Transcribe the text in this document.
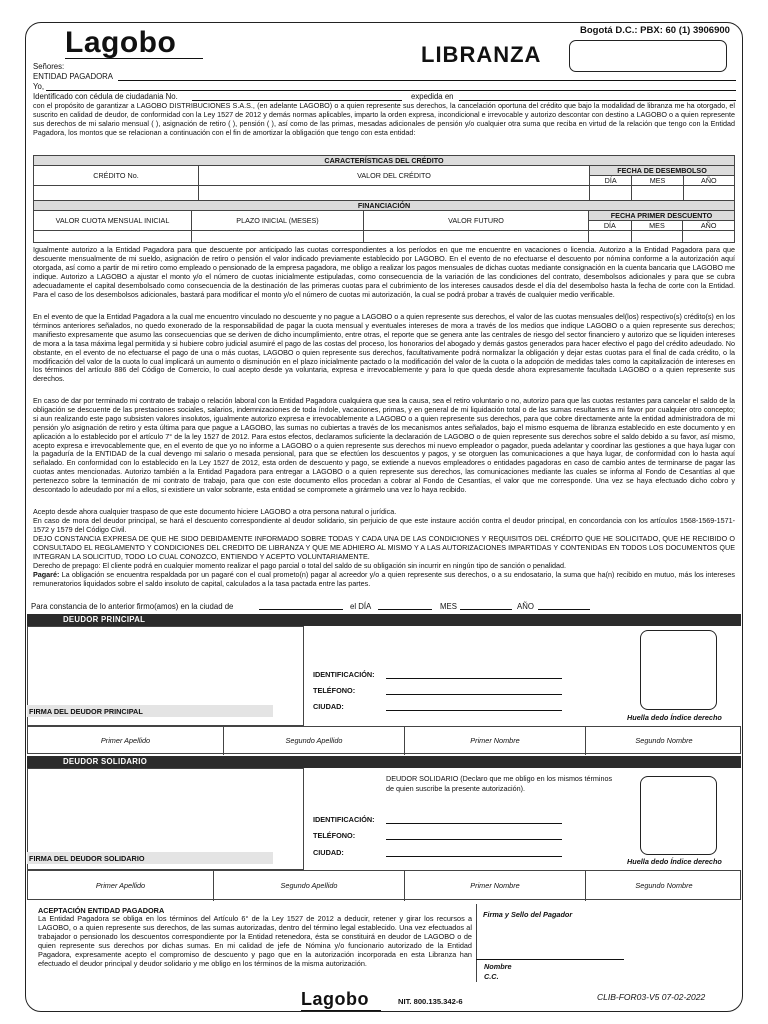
Lagobo	Bogotá D.C.: PBX: 60 (1) 3906900
LIBRANZA
Señores:
ENTIDAD PAGADORA
Yo,
Identificado con cédula de ciudadania No.	expedida en

con el propósito de garantizar a LAGOBO DISTRIBUCIONES S.A.S., (en adelante LAGOBO) o a quien represente sus derechos, la cancelación oportuna del crédito que bajo la modalidad de libranza me ha otorgado, el suscrito en calidad de deudor, de conformidad con la Ley 1527 de 2012 y demás normas aplicables, imparto la orden expresa, incondicional e irrevocable y autorizo descontar con destino a LAGOBO o a quien represente sus derechos de mi salario mensual ( ), asignación de retiro ( ), pensión ( ), así como de las primas, mesadas adicionales de pensión y/o cualquier otra suma que reciba en virtud de la relación que tengo con la Entidad Pagadora, los montos que se relacionan a continuación con el fin de amortizar la obligación que tengo con esta entidad:

CARACTERÍSTICAS DEL CRÉDITO				
CRÉDITO No.	VALOR DEL CRÉDITO	FECHA DE DESEMBOLSO		
		DÍA	MES	AÑO

FINANCIACIÓN					
VALOR CUOTA MENSUAL INICIAL	PLAZO INICIAL (MESES)	VALOR FUTURO	FECHA PRIMER DESCUENTO		
			DÍA	MES	AÑO

Igualmente autorizo a la Entidad Pagadora para que descuente por anticipado las cuotas correspondientes a los períodos en que me encuentre en vacaciones o licencia. Autorizo a la Entidad Pagadora para que descuente mensualmente de mi sueldo, asignación de retiro o pensión el valor indicado previamente establecido por LAGOBO. En el evento de no efectuarse el descuento por nómina conforme a la autorización aquí otorgada, así como a partir de mi retiro como empleado o pensionado de la empresa pagadora, me obligo a realizar los pagos mensuales de dichas cuotas mediante consignación en la cuenta bancaria que LAGOBO me indique. Autorizo a LAGOBO a ajustar el monto y/o el número de cuotas inicialmente estipuladas, como consecuencia de la variación de las condiciones del contrato, desembolsos adicionales y para que se cubra adecuadamente el capital desembolsado como consecuencia de la destinación de las primeras cuotas para el cubrimiento de los intereses causados desde el día del desembolso hasta la fecha de corte con la Entidad. Para el caso de los desembolsos adicionales, bastará para modificar el monto y/o el número de cuotas mi autorización, la cual se podrá probar a través de cualquier medio verificable.

En el evento de que la Entidad Pagadora a la cual me encuentro vinculado no descuente y no pague a LAGOBO o a quien represente sus derechos, el valor de las cuotas mensuales del(los) respectivo(s) crédito(s) en los términos anteriores señalados, no quedo exonerado de la responsabilidad de pagar la cuota mensual y eventuales intereses de mora a través de los medios que indique LAGOBO o a quien represente sus derechos; manifiesto expresamente que asumo las consecuencias que se deriven de dicho incumplimiento, entre otras, el reporte que se genera ante las centrales de riesgo del sector financiero y autorizo que se liquiden intereses de mora a la tasa máxima legal permitida y si hubiere cobro judicial asumiré el pago de las costas del proceso, los honorarios del abogado y demás gastos generados para hacer efectivo el pago del crédito adeudado. No obstante, en el evento de no efectuarse el pago de una o más cuotas, LAGOBO o quien represente sus derechos, facultativamente podrá normalizar la obligación y dejar estas cuotas para el final de cada crédito, o la modificación del valor de la cuota lo cual implicará un aumento o disminución en el plazo inicialmente pactado o la modificación del valor de la cuota o la adopción de medidas tales como la capitalización de intereses en los términos del artículo 886 del Código de Comercio, lo cual acepto desde ya voluntaria, expresa e irrevocablemente y para lo que queda desde ahora expresamente facultada LAGOBO o a quien represente sus derechos.

En caso de dar por terminado mi contrato de trabajo o relación laboral con la Entidad Pagadora cualquiera que sea la causa, sea el retiro voluntario o no, autorizo para que las cuotas restantes para cancelar el saldo de la obligación se descuente de las prestaciones sociales, salarios, indemnizaciones de toda índole, vacaciones, primas, y en general de mi liquidación total o de las sumas resultantes a mi favor por cualquier otro concepto; si aun realizando este pago subsisten valores insolutos, igualmente autorizo expresa e irrevocablemente a LAGOBO o a quien represente sus derechos, para que cobre directamente ante la entidad administradora de mi pensión y/o asignación de retiro y esta última para que pague a LAGOBO, las sumas no cubiertas a través de los mecanismos antes señalados, bajo el mismo esquema de libranza establecido en este documento y en aplicación a lo establecido por el artículo 7° de la ley 1527 de 2012. Para estos efectos, declaramos suficiente la declaración de LAGOBO o de quien represente sus derechos sobre el saldo debido a su favor, así mismo, acepto expresa e irrevocablemente que, en el evento de que yo no informe a LAGOBO o a quien represente sus derechos mi nuevo empleador o pagador, pueda adelantar y coordinar las gestiones a que haya lugar con la pagaduría de la ENTIDAD de la cual devengo mi salario o mesada pensional, para que se efectúen los descuentos y pagos, y se otorguen las comunicaciones a que haya lugar, de conformidad con lo hasta aquí señalado. En conformidad con lo establecido en la Ley 1527 de 2012, esta orden de descuento y pago, se extiende a nuevos empleadores o entidades pagadoras en caso de cambio antes de terminarse de pagar las cuotas antes mencionadas. Autorizo también a la Entidad Pagadora para entregar a LAGOBO o a quien represente sus derechos, las comunicaciones mediante las cuales se informa al Fondo de Cesantías al que pertenezco sobre la terminación de mi contrato de trabajo, para que con este documento ellos procedan a cobrar al Fondo de Cesantías, el valor que me corresponde. Una vez se haya efectuado dicho cobro y descontado lo adeudado por mí a ellos, si existiere un valor sobrante, esta entidad se compromete a girármelo una vez lo haya recibido.

Acepto desde ahora cualquier traspaso de que este documento hiciere LAGOBO a otra persona natural o jurídica.

En caso de mora del deudor principal, se hará el descuento correspondiente al deudor solidario, sin perjuicio de que este instaure acción contra el deudor principal, en concordancia con los artículos 1568-1569-1571-1572 y 1579 del Código Civil.

DEJO CONSTANCIA EXPRESA DE QUE HE SIDO DEBIDAMENTE INFORMADO SOBRE TODAS Y CADA UNA DE LAS CONDICIONES Y REQUISITOS DEL CRÉDITO QUE HE SOLICITADO, QUE HE RECIBIDO O CONSULTADO EL REGLAMENTO Y CONDICIONES DEL CREDITO DE LIBRANZA Y QUE ME ADHIERO AL MISMO Y A LAS AUTORIZACIONES IMPARTIDAS Y CONTENIDAS EN TODOS LOS DOCUMENTOS QUE INTEGRAN LA SOLICITUD, TODO LO CUAL CONOZCO, ENTIENDO Y ACEPTO VOLUNTARIAMENTE.

Derecho de prepago: El cliente podrá en cualquier momento realizar el pago parcial o total del saldo de su obligación sin incurrir en ningún tipo de sanción o penalidad.

Pagaré: La obligación se encuentra respaldada por un pagaré con el cual prometo(n) pagar al acreedor y/o a quien represente sus derechos, o a su endosatario, la suma que ha(n) recibido en mutuo, más los intereses remuneratorios liquidados sobre el saldo insoluto de capital, calculados a la tasa pactada entre las partes.

Para constancia de lo anterior firmo(amos) en la ciudad de	el DÍA	MES	AÑO
DEUDOR PRINCIPAL
FIRMA DEL DEUDOR PRINCIPAL
IDENTIFICACIÓN:
TELÉFONO:
CIUDAD:
Huella dedo Índice derecho
Primer Apellido	Segundo Apellido	Primer Nombre	Segundo Nombre
DEUDOR SOLIDARIO
FIRMA DEL DEUDOR SOLIDARIO
DEUDOR SOLIDARIO (Declaro que me obligo en los mismos términos de quien suscribe la presente autorización).
IDENTIFICACIÓN:
TELÉFONO:
CIUDAD:
Huella dedo Índice derecho
Primer Apellido	Segundo Apellido	Primer Nombre	Segundo Nombre
ACEPTACIÓN ENTIDAD PAGADORA

La Entidad Pagadora se obliga en los términos del Artículo 6° de la Ley 1527 de 2012 a deducir, retener y girar los recursos a LAGOBO, o a quien represente sus derechos, de las sumas autorizadas, dentro del término legal establecido. Una vez efectuados al trabajador o pensionado los descuentos correspondiente por la Entidad retenedora, ésta se constituirá en deudor de LAGOBO o de quien represente sus derechos por dichas sumas. En mi calidad de jefe de Nómina y/o funcionario autorizado de la Entidad Pagadora, expresamente acepto el compromiso de descuento y pago que en la autorización incorporada en esta Libranza han efectuado el deudor principal y deudor solidario y me obligo en los términos de la misma autorización.

Firma y Sello del Pagador
Nombre
C.C.
Lagobo	NIT. 800.135.342-6	CLIB-FOR03-V5 07-02-2022
